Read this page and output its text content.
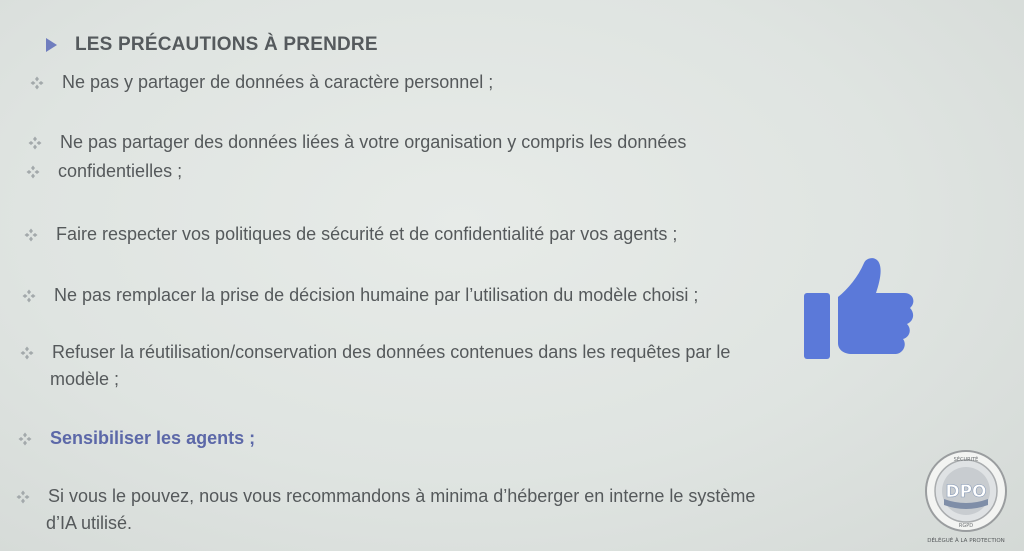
LES PRÉCAUTIONS À PRENDRE
Ne pas y partager de données à caractère personnel ;
Ne pas partager des données liées à votre organisation y compris les données
confidentielles ;
Faire respecter vos politiques de sécurité et de confidentialité par vos agents ;
Ne pas remplacer la prise de décision humaine par l’utilisation du modèle choisi ;
Refuser la réutilisation/conservation des données contenues dans les requêtes par le
modèle ;
Sensibiliser les agents ;
Si vous le pouvez, nous vous recommandons à minima d’héberger en interne le système
d’IA utilisé.
DPO
SÉCURITÉ
RGPD
DÉLÉGUÉ À LA PROTECTION
